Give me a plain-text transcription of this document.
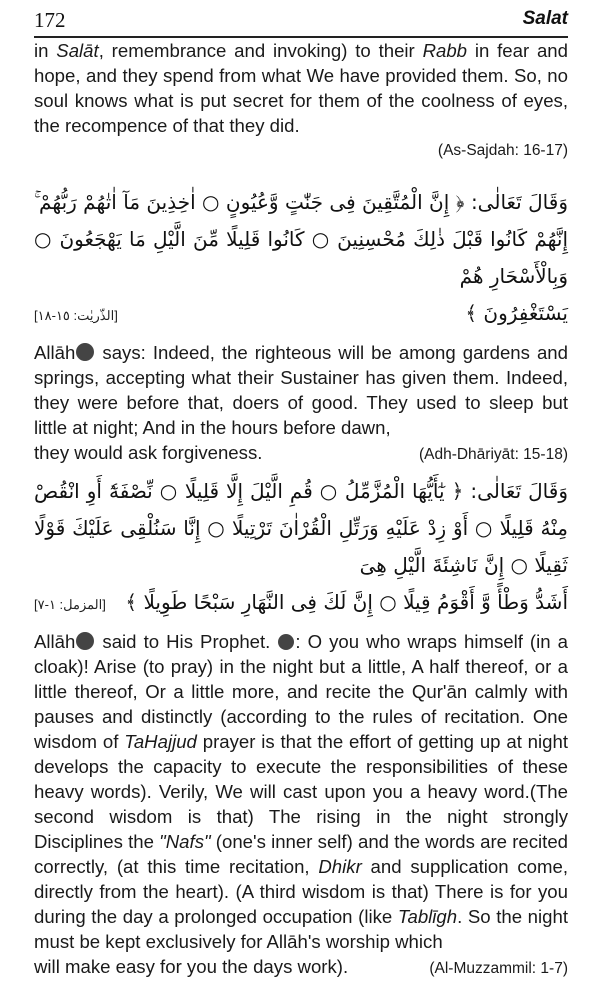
172	Salat

in Salāt, remembrance and invoking) to their Rabb in fear and hope, and they spend from what We have provided them. So, no soul knows what is put secret for them of the coolness of eyes, the recompence of that they did.

(As-Sajdah: 16-17)

وَقَالَ تَعَالٰى: ﴿ إِنَّ الْمُتَّقِينَ فِى جَنّٰتٍ وَّعُيُونٍ ○ اٰخِذِينَ مَآ اٰتٰهُمْ رَبُّهُمْ ۚ إِنَّهُمْ كَانُوا قَبْلَ ذٰلِكَ مُحْسِنِينَ ○ كَانُوا قَلِيلًا مِّنَ الَّيْلِ مَا يَهْجَعُونَ ○ وَبِالْأَسْحَارِ هُمْ

يَسْتَغْفِرُونَ ﴾
[الذّريٰت: ١٥-١٨]

Allāh says: Indeed, the righteous will be among gardens and springs, accepting what their Sustainer has given them. Indeed, they were before that, doers of good. They used to sleep but little at night; And in the hours before dawn,

they would ask forgiveness.	(Adh-Dhāriyāt: 15-18)

وَقَالَ تَعَالٰى: ﴿ يٰٓأَيُّهَا الْمُزَّمِّلُ ○ قُمِ الَّيْلَ إِلَّا قَلِيلًا ○ نِّصْفَهٗٓ أَوِ انْقُصْ مِنْهُ قَلِيلًا ○ أَوْ زِدْ عَلَيْهِ وَرَتِّلِ الْقُرْاٰنَ تَرْتِيلًا ○ إِنَّا سَنُلْقِى عَلَيْكَ قَوْلًا ثَقِيلًا ○ إِنَّ نَاشِئَةَ الَّيْلِ هِىَ

أَشَدُّ وَطْأً وَّ أَقْوَمُ قِيلًا ○ إِنَّ لَكَ فِى النَّهَارِ سَبْحًا طَوِيلًا ﴾
[المزمل: ١-٧]

Allāh said to His Prophet. : O you who wraps himself (in a cloak)! Arise (to pray) in the night but a little, A half thereof, or a little thereof, Or a little more, and recite the Qur'ān calmly with pauses and distinctly (according to the rules of recitation. One wisdom of TaHajjud prayer is that the effort of getting up at night develops the capacity to execute the responsibilities of these heavy words). Verily, We will cast upon you a heavy word.(The second wisdom is that) The rising in the night strongly Disciplines the "Nafs" (one's inner self) and the words are recited correctly, (at this time recitation, Dhikr and supplication come, directly from the heart). (A third wisdom is that) There is for you during the day a prolonged occupation (like Tablīgh. So the night must be kept exclusively for Allāh's worship which

will make easy for you the days work).	(Al-Muzzammil: 1-7)
